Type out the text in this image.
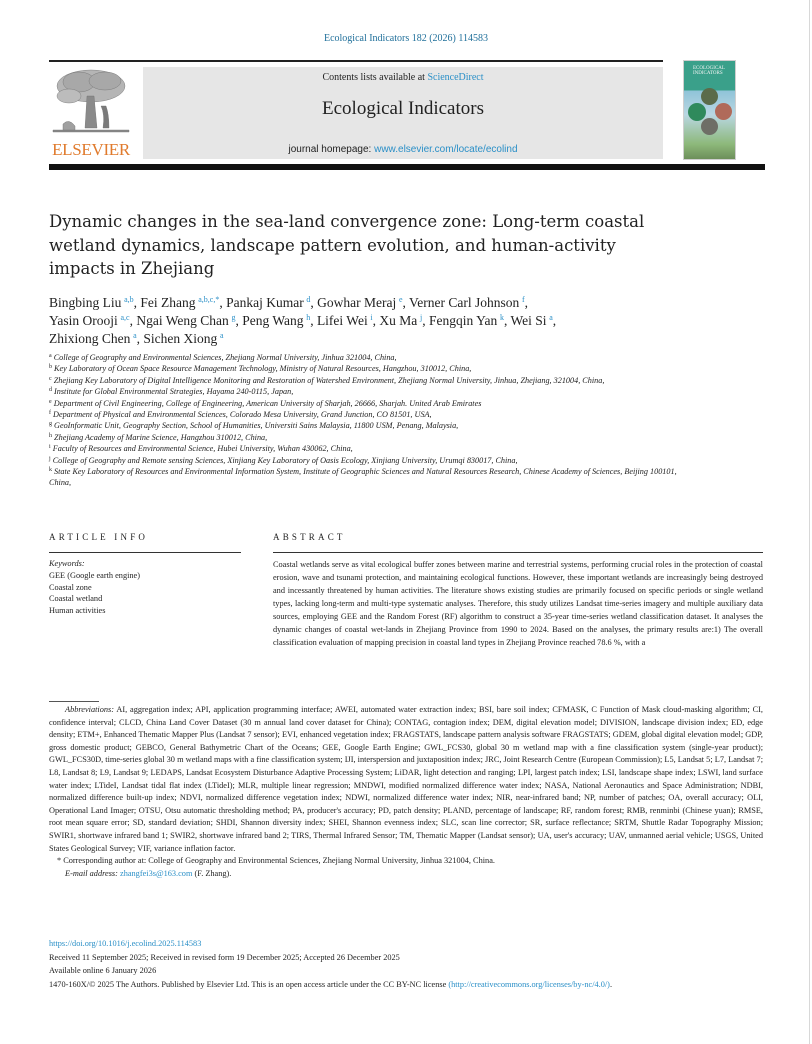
Ecological Indicators 182 (2026) 114583
ELSEVIER
Contents lists available at ScienceDirect
Ecological Indicators
journal homepage: www.elsevier.com/locate/ecolind
ECOLOGICAL
INDICATORS
Dynamic changes in the sea-land convergence zone: Long-term coastal wetland dynamics, landscape pattern evolution, and human-activity impacts in Zhejiang
Bingbing Liu  $^{a,b}$, Fei Zhang  $^{a,b,c,*}$, Pankaj Kumar  $^d$, Gowhar Meraj  $^e$, Verner Carl Johnson  $^f$,
Yasin Orooji  $^{a,c}$, Ngai Weng Chan  $^g$, Peng Wang  $^h$, Lifei Wei  $^i$, Xu Ma  $^j$, Fengqin Yan  $^k$, Wei Si  $^a$,
Zhixiong Chen  $^a$, Sichen Xiong  $^a$
$^a$ College of Geography and Environmental Sciences, Zhejiang Normal University, Jinhua 321004, China,
$^b$ Key Laboratory of Ocean Space Resource Management Technology, Ministry of Natural Resources, Hangzhou, 310012, China,
$^c$ Zhejiang Key Laboratory of Digital Intelligence Monitoring and Restoration of Watershed Environment, Zhejiang Normal University, Jinhua, Zhejiang, 321004, China,
$^d$ Institute for Global Environmental Strategies, Hayama 240-0115, Japan,
$^e$ Department of Civil Engineering, College of Engineering, American University of Sharjah, 26666, Sharjah. United Arab Emirates
$^f$ Department of Physical and Environmental Sciences, Colorado Mesa University, Grand Junction, CO 81501, USA,
$^g$ GeoInformatic Unit, Geography Section, School of Humanities, Universiti Sains Malaysia, 11800 USM, Penang, Malaysia,
$^h$ Zhejiang Academy of Marine Science, Hangzhou 310012, China,
$^i$ Faculty of Resources and Environmental Science, Hubei University, Wuhan 430062, China,
$^j$ College of Geography and Remote sensing Sciences, Xinjiang Key Laboratory of Oasis Ecology, Xinjiang University, Urumqi 830017, China,
$^k$ State Key Laboratory of Resources and Environmental Information System, Institute of Geographic Sciences and Natural Resources Research, Chinese Academy of Sciences, Beijing 100101, China,
ARTICLE INFO	ABSTRACT
Keywords:
GEE (Google earth engine)
Coastal zone
Coastal wetland
Human activities
Coastal wetlands serve as vital ecological buffer zones between marine and terrestrial systems, performing crucial roles in the protection of coastal erosion, wave and tsunami protection, and maintaining ecological functions. However, these important wetlands are increasingly being destroyed and incessantly threatened by human activities. The literature shows existing studies are primarily focused on specific periods or single wetland types, lacking long-term and multi-type systematic analyses. Therefore, this study utilizes Landsat time-series imagery and multiple auxiliary data sources, employing GEE and the Random Forest (RF) algorithm to construct a 35-year time-series wetland classification dataset. It analyses the dynamic changes of coastal wet-lands in Zhejiang Province from 1990 to 2024. Based on the analyses, the primary results are:1) The overall classification evaluation of mapping precision in coastal land types in Zhejiang Province reached 78.6 %, with a
Abbreviations: AI, aggregation index; API, application programming interface; AWEI, automated water extraction index; BSI, bare soil index; CFMASK, C Function of Mask cloud-masking algorithm; CI, confidence interval; CLCD, China Land Cover Dataset (30 m annual land cover dataset for China); CONTAG, contagion index; DEM, digital elevation model; DIVISION, landscape division index; ED, edge density; ETM+, Enhanced Thematic Mapper Plus (Landsat 7 sensor); EVI, enhanced vegetation index; FRAGSTATS, landscape pattern analysis software FRAGSTATS; GDEM, global digital elevation model; GDP, gross domestic product; GEBCO, General Bathymetric Chart of the Oceans; GEE, Google Earth Engine; GWL_FCS30, global 30 m wetland map with a fine classification system (single-year product); GWL_FCS30D, time-series global 30 m wetland maps with a fine classification system; IJI, interspersion and juxtaposition index; JRC, Joint Research Centre (European Commission); L5, Landsat 5; L7, Landsat 7; L8, Landsat 8; L9, Landsat 9; LEDAPS, Landsat Ecosystem Disturbance Adaptive Processing System; LiDAR, light detection and ranging; LPI, largest patch index; LSI, landscape shape index; LSWI, land surface water index; LTideI, Landsat tidal flat index (LTideI); MLR, multiple linear regression; MNDWI, modified normalized difference water index; NASA, National Aeronautics and Space Administration; NDBI, normalized difference built-up index; NDVI, normalized difference vegetation index; NDWI, normalized difference water index; NIR, near-infrared band; NP, number of patches; OA, overall accuracy; OLI, Operational Land Imager; OTSU, Otsu automatic thresholding method; PA, producer's accuracy; PD, patch density; PLAND, percentage of landscape; RF, random forest; RMB, renminbi (Chinese yuan); RMSE, root mean square error; SD, standard deviation; SHDI, Shannon diversity index; SHEI, Shannon evenness index; SLC, scan line corrector; SR, surface reflectance; SRTM, Shuttle Radar Topography Mission; SWIR1, shortwave infrared band 1; SWIR2, shortwave infrared band 2; TIRS, Thermal Infrared Sensor; TM, Thematic Mapper (Landsat sensor); UA, user's accuracy; UAV, unmanned aerial vehicle; USGS, United States Geological Survey; VIF, variance inflation factor.
* Corresponding author at: College of Geography and Environmental Sciences, Zhejiang Normal University, Jinhua 321004, China.
E-mail address: zhangfei3s@163.com (F. Zhang).
https://doi.org/10.1016/j.ecolind.2025.114583
Received 11 September 2025; Received in revised form 19 December 2025; Accepted 26 December 2025
Available online 6 January 2026
1470-160X/© 2025 The Authors. Published by Elsevier Ltd. This is an open access article under the CC BY-NC license (http://creativecommons.org/licenses/by-nc/4.0/).
